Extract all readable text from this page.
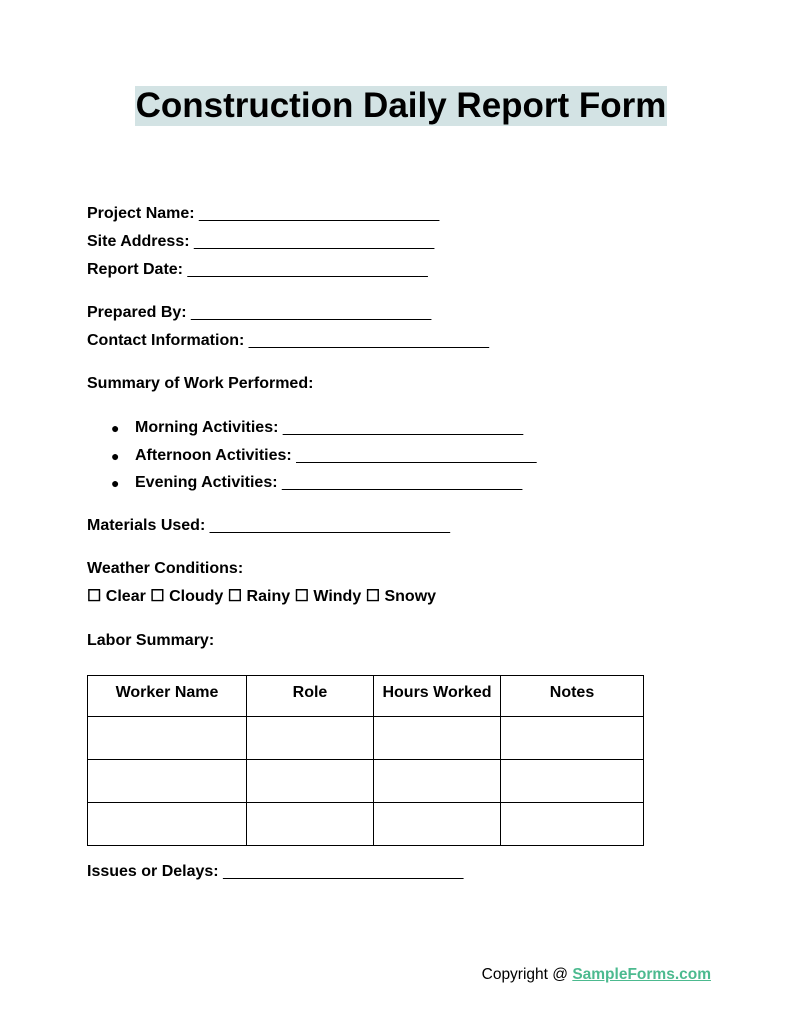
Construction Daily Report Form
Project Name: ___________________________
Site Address: ___________________________
Report Date: ___________________________
Prepared By: ___________________________
Contact Information: ___________________________
Summary of Work Performed:
● Morning Activities: ___________________________
● Afternoon Activities: ___________________________
● Evening Activities: ___________________________
Materials Used: ___________________________
Weather Conditions:
☐ Clear ☐ Cloudy ☐ Rainy ☐ Windy ☐ Snowy
Labor Summary:
Worker Name	Role	Hours Worked	Notes

Issues or Delays: ___________________________
Copyright @ SampleForms.com
